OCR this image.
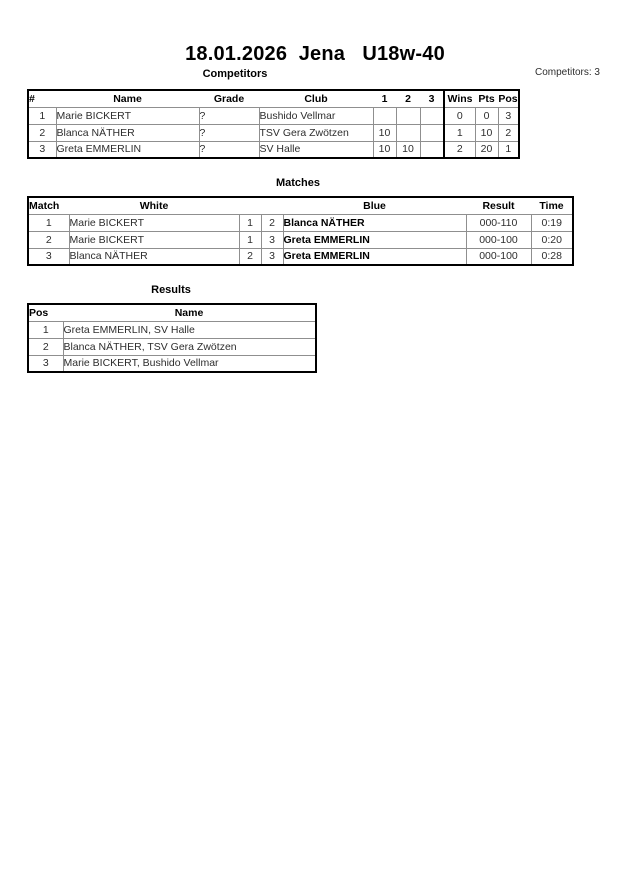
18.01.2026  Jena   U18w-40
Competitors	Competitors: 3
#	Name	Grade	Club	1	2	3	Wins	Pts	Pos
1	Marie BICKERT	?	Bushido Vellmar				0	0	3
2	Blanca NÄTHER	?	TSV Gera Zwötzen	10			1	10	2
3	Greta EMMERLIN	?	SV Halle	10	10		2	20	1
Matches
Match	White			Blue	Result	Time
1	Marie BICKERT	1	2	Blanca NÄTHER	000-110	0:19
2	Marie BICKERT	1	3	Greta EMMERLIN	000-100	0:20
3	Blanca NÄTHER	2	3	Greta EMMERLIN	000-100	0:28
Results
Pos	Name
1	Greta EMMERLIN, SV Halle
2	Blanca NÄTHER, TSV Gera Zwötzen
3	Marie BICKERT, Bushido Vellmar
